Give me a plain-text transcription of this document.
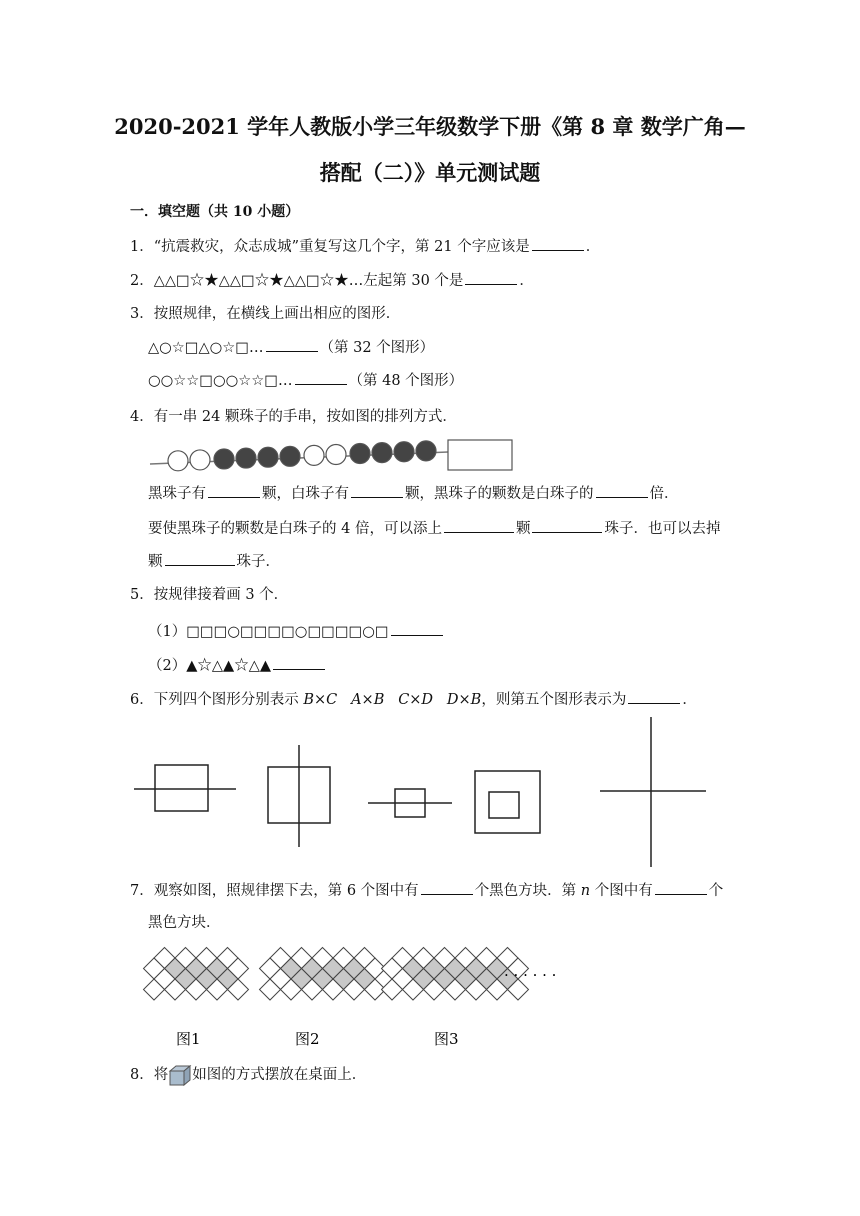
2020-2021 学年人教版小学三年级数学下册《第 8 章 数学广角—
搭配（二）》单元测试题
一．填空题（共 10 小题）
1．“抗震救灾，众志成城”重复写这几个字，第 21 个字应该是	．
2．△△□☆★△△□☆★△△□☆★…左起第 30 个是	．
3．按照规律，在横线上画出相应的图形．
△○☆□△○☆□…	（第 32 个图形）
○○☆☆□○○☆☆□…	（第 48 个图形）
4．有一串 24 颗珠子的手串，按如图的排列方式．
黑珠子有	颗，白珠子有	颗，黑珠子的颗数是白珠子的	倍．
要使黑珠子的颗数是白珠子的 4 倍，可以添上	颗	珠子．也可以去掉
颗	珠子．
5．按规律接着画 3 个．
（1）□□□○□□□□○□□□□○□
（2）▲☆△▲☆△▲
6．下列四个图形分别表示 B×C A×B C×D D×B，则第五个图形表示为	．
7．观察如图，照规律摆下去，第 6 个图中有	个黑色方块．第 n 个图中有	个
黑色方块．
图1	图2	图3
· · · · · ·
8．将 如图的方式摆放在桌面上．
